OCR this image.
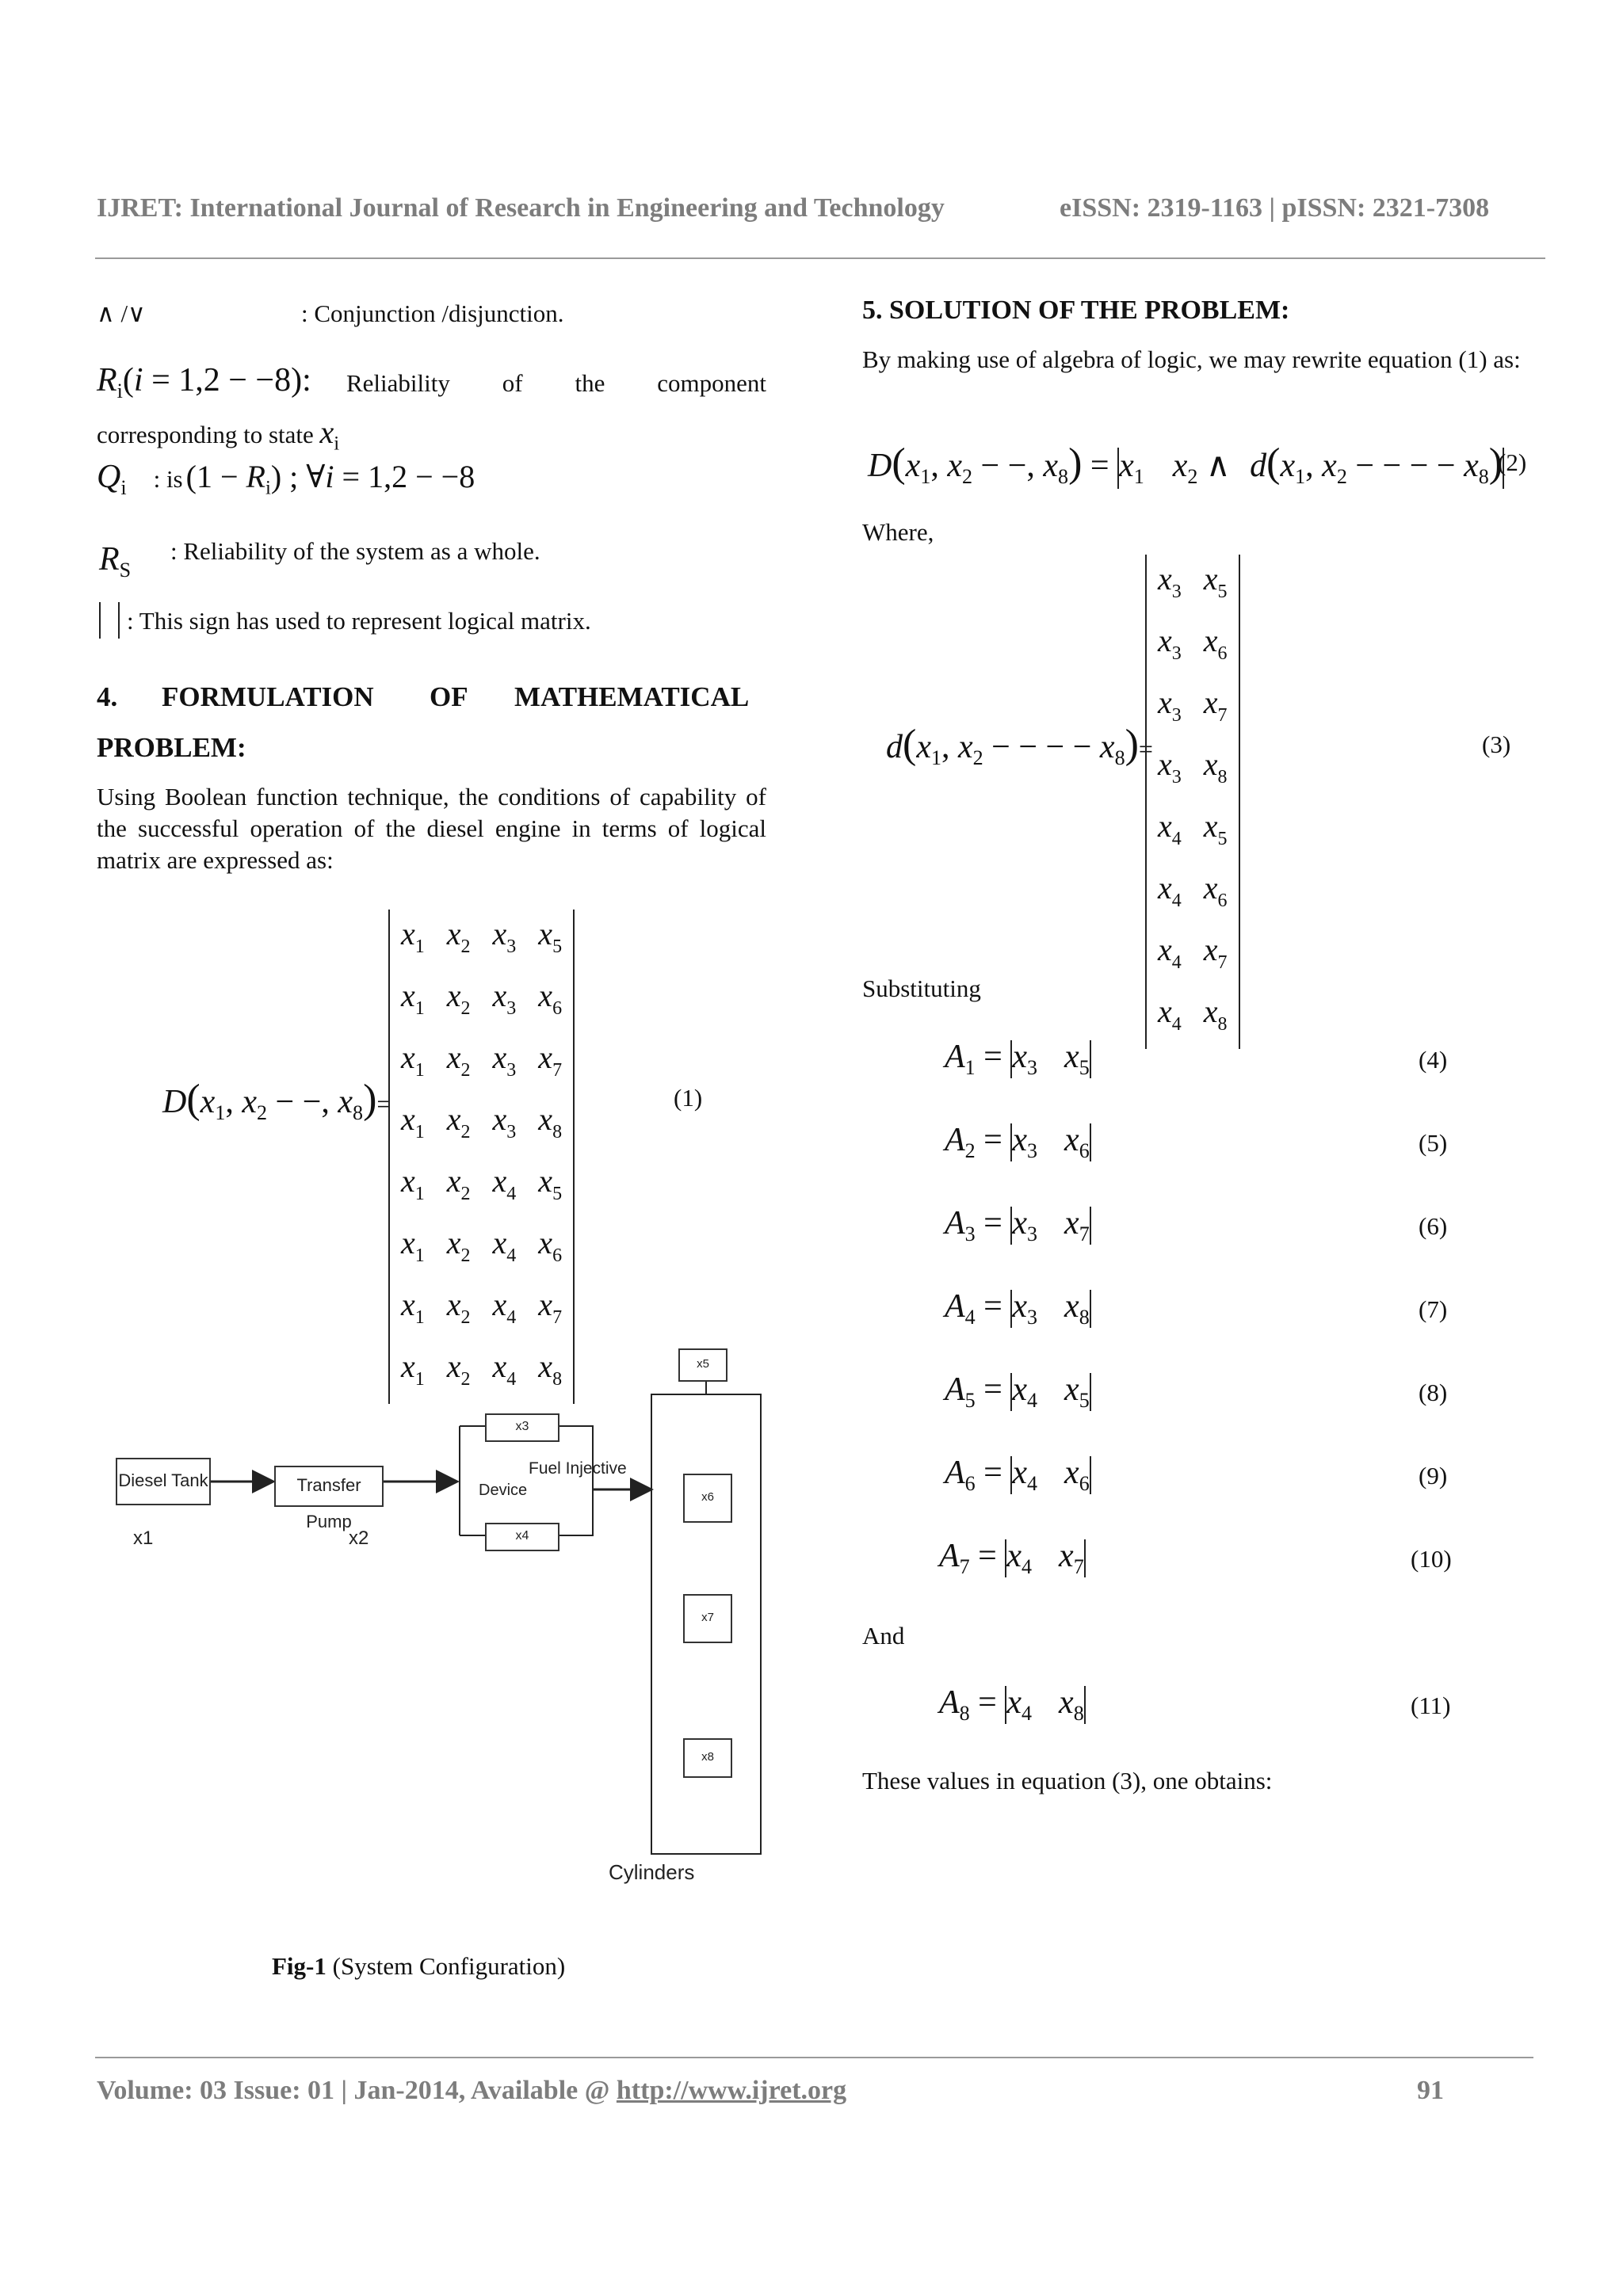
IJRET: International Journal of Research in Engineering and Technology	eISSN: 2319-1163 | pISSN: 2321-7308
∧ /∨	: Conjunction /disjunction.
$R_i(i = 1,2 - -8)$: Reliability of the component
corresponding to state $x_i$
$Q_i$ : is $(1 - R_i)$ ; ∀i = 1,2 − −8
$R_S$
: Reliability of the system as a whole.
: This sign has used to represent logical matrix.
4. FORMULATION OF MATHEMATICAL
PROBLEM:
Using Boolean function technique, the conditions of capability of the successful operation of the diesel engine in terms of logical matrix are expressed as:
$D(x_1$, $x_2$ − −, $x_8)=$
$x_1$	$x_2$	$x_3$	$x_5$
$x_1$	$x_2$	$x_3$	$x_6$
$x_1$	$x_2$	$x_3$	$x_7$
$x_1$	$x_2$	$x_3$	$x_8$
$x_1$	$x_2$	$x_4$	$x_5$
$x_1$	$x_2$	$x_4$	$x_6$
$x_1$	$x_2$	$x_4$	$x_7$
$x_1$	$x_2$	$x_4$	$x_8$
(1)
Diesel Tank	Transfer Pump
x1	x2
x3
x4
Fuel Injective
Device
x5
x6
x7
x8
Cylinders
Fig-1 (System Configuration)
5. SOLUTION OF THE PROBLEM:
By making use of algebra of logic, we may rewrite equation (1) as:
$D(x_1$, $x_2$ − −, $x_8) = x_1$ $x_2$ ∧ $d(x_1$, $x_2$ − − − − $x_8$)
(2)
Where,
$d(x_1$, $x_2$ − − − − $x_8)=$
$x_3$	$x_5$
$x_3$	$x_6$
$x_3$	$x_7$
$x_3$	$x_8$
$x_4$	$x_5$
$x_4$	$x_6$
$x_4$	$x_7$
$x_4$	$x_8$
(3)
Substituting
$A_1 = x_3$ $x_5$	(4)
$A_2 = x_3$ $x_6$	(5)
$A_3 = x_3$ $x_7$	(6)
$A_4 = x_3$ $x_8$	(7)
$A_5 = x_4$ $x_5$	(8)
$A_6 = x_4$ $x_6$	(9)
$A_7 = x_4$ $x_7$	(10)
$A_8 = x_4$ $x_8$	(11)
And
These values in equation (3), one obtains:
Volume: 03 Issue: 01 | Jan-2014, Available @ http://www.ijret.org	91
